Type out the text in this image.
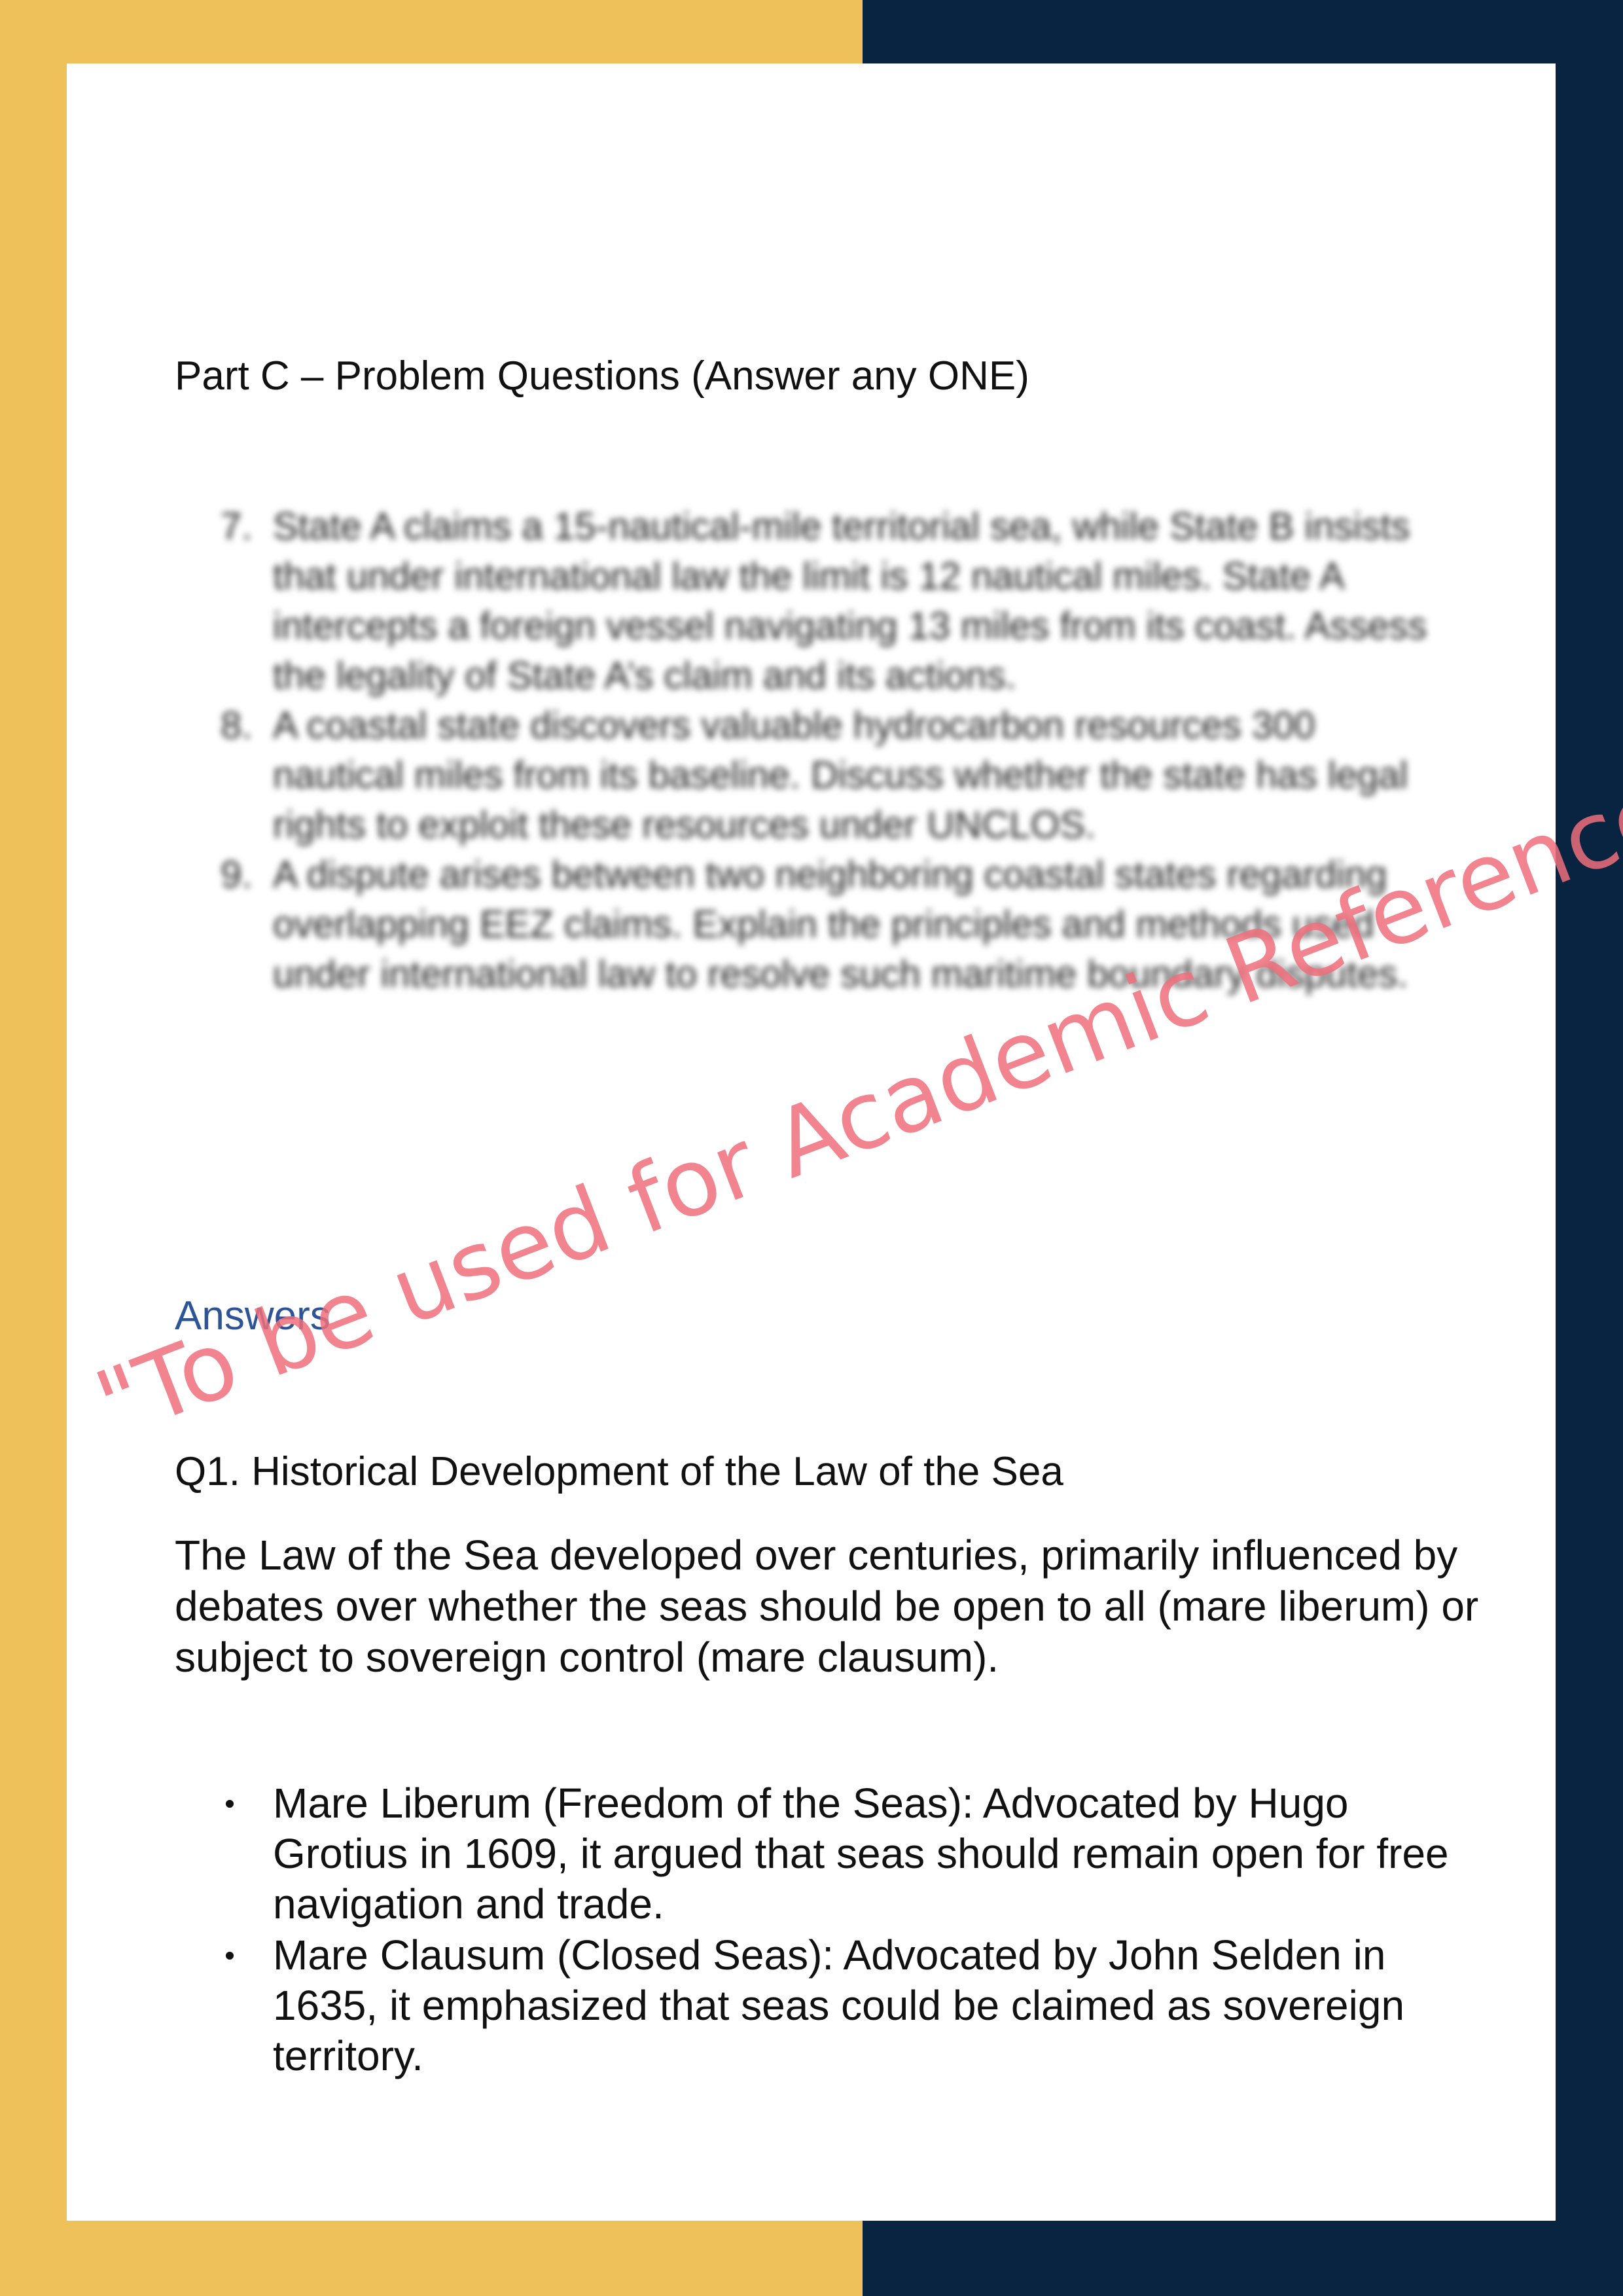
Part C – Problem Questions (Answer any ONE)
7. State A claims a 15-nautical-mile territorial sea, while State B insists that under international law the limit is 12 nautical miles. State A intercepts a foreign vessel navigating 13 miles from its coast. Assess the legality of State A’s claim and its actions.
8. A coastal state discovers valuable hydrocarbon resources 300 nautical miles from its baseline. Discuss whether the state has legal rights to exploit these resources under UNCLOS.
9. A dispute arises between two neighboring coastal states regarding overlapping EEZ claims. Explain the principles and methods used under international law to resolve such maritime boundary disputes.
Answers
Q1. Historical Development of the Law of the Sea

The Law of the Sea developed over centuries, primarily influenced by debates over whether the seas should be open to all (mare liberum) or subject to sovereign control (mare clausum).

Mare Liberum (Freedom of the Seas): Advocated by Hugo Grotius in 1609, it argued that seas should remain open for free navigation and trade.
Mare Clausum (Closed Seas): Advocated by John Selden in 1635, it emphasized that seas could be claimed as sovereign territory.
"To be used for Academic Reference
